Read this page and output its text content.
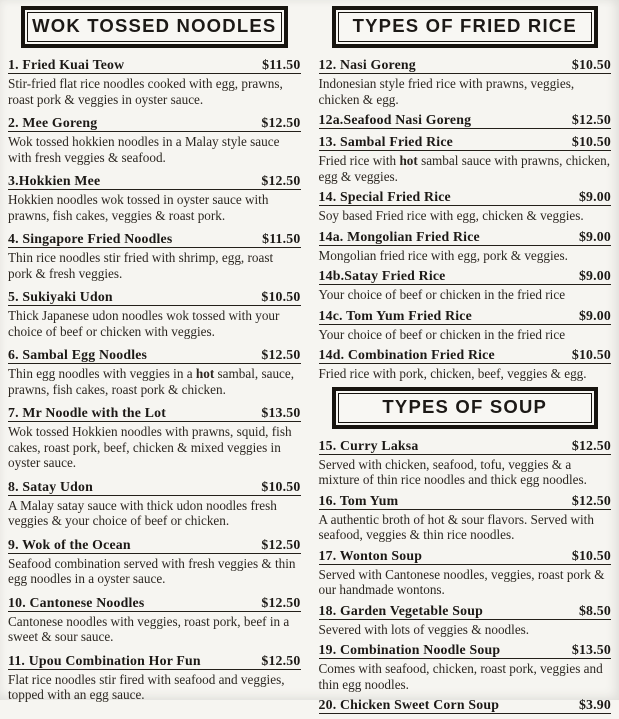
WOK TOSSED NOODLES
1. Fried Kuai Teow	$11.50

Stir-fried flat rice noodles cooked with egg, prawns, roast pork & veggies in oyster sauce.

2. Mee Goreng	$12.50

Wok tossed hokkien noodles in a Malay style sauce with fresh veggies & seafood.

3.Hokkien Mee	$12.50

Hokkien noodles wok tossed in oyster sauce with prawns, fish cakes, veggies & roast pork.

4. Singapore Fried Noodles	$11.50

Thin rice noodles stir fried with shrimp, egg, roast pork & fresh veggies.

5. Sukiyaki Udon	$10.50

Thick Japanese udon noodles wok tossed with your choice of beef or chicken with veggies.

6. Sambal Egg Noodles	$12.50

Thin egg noodles with veggies in a hot sambal, sauce, prawns, fish cakes, roast pork & chicken.

7. Mr Noodle with the Lot	$13.50

Wok tossed Hokkien noodles with prawns, squid, fish cakes, roast pork, beef, chicken & mixed veggies in oyster sauce.

8. Satay Udon	$10.50

A Malay satay sauce with thick udon noodles fresh veggies & your choice of beef or chicken.

9. Wok of the Ocean	$12.50

Seafood combination served with fresh veggies & thin egg noodles in a oyster sauce.

10. Cantonese Noodles	$12.50

Cantonese noodles with veggies, roast pork, beef in a sweet & sour sauce.

11. Upou Combination Hor Fun	$12.50

Flat rice noodles stir fired with seafood and veggies, topped with an egg sauce.

TYPES OF FRIED RICE
12. Nasi Goreng	$10.50

Indonesian style fried rice with prawns, veggies, chicken & egg.

12a.Seafood Nasi Goreng	$12.50
13. Sambal Fried Rice	$10.50

Fried rice with hot sambal sauce with prawns, chicken, egg & veggies.

14. Special Fried Rice	$9.00

Soy based Fried rice with egg, chicken & veggies.

14a. Mongolian Fried Rice	$9.00

Mongolian fried rice with egg, pork & veggies.

14b.Satay Fried Rice	$9.00

Your choice of beef or chicken in the fried rice

14c. Tom Yum Fried Rice	$9.00

Your choice of beef or chicken in the fried rice

14d. Combination Fried Rice	$10.50

Fried rice with pork, chicken, beef, veggies & egg.

TYPES OF SOUP
15. Curry Laksa	$12.50

Served with chicken, seafood, tofu, veggies & a mixture of thin rice noodles and thick egg noodles.

16. Tom Yum	$12.50

A authentic broth of hot & sour flavors. Served with seafood, veggies & thin rice noodles.

17. Wonton Soup	$10.50

Served with Cantonese noodles, veggies, roast pork & our handmade wontons.

18. Garden Vegetable Soup	$8.50

Severed with lots of veggies & noodles.

19. Combination Noodle Soup	$13.50

Comes with seafood, chicken, roast pork, veggies and thin egg noodles.

20. Chicken Sweet Corn Soup	$3.90
